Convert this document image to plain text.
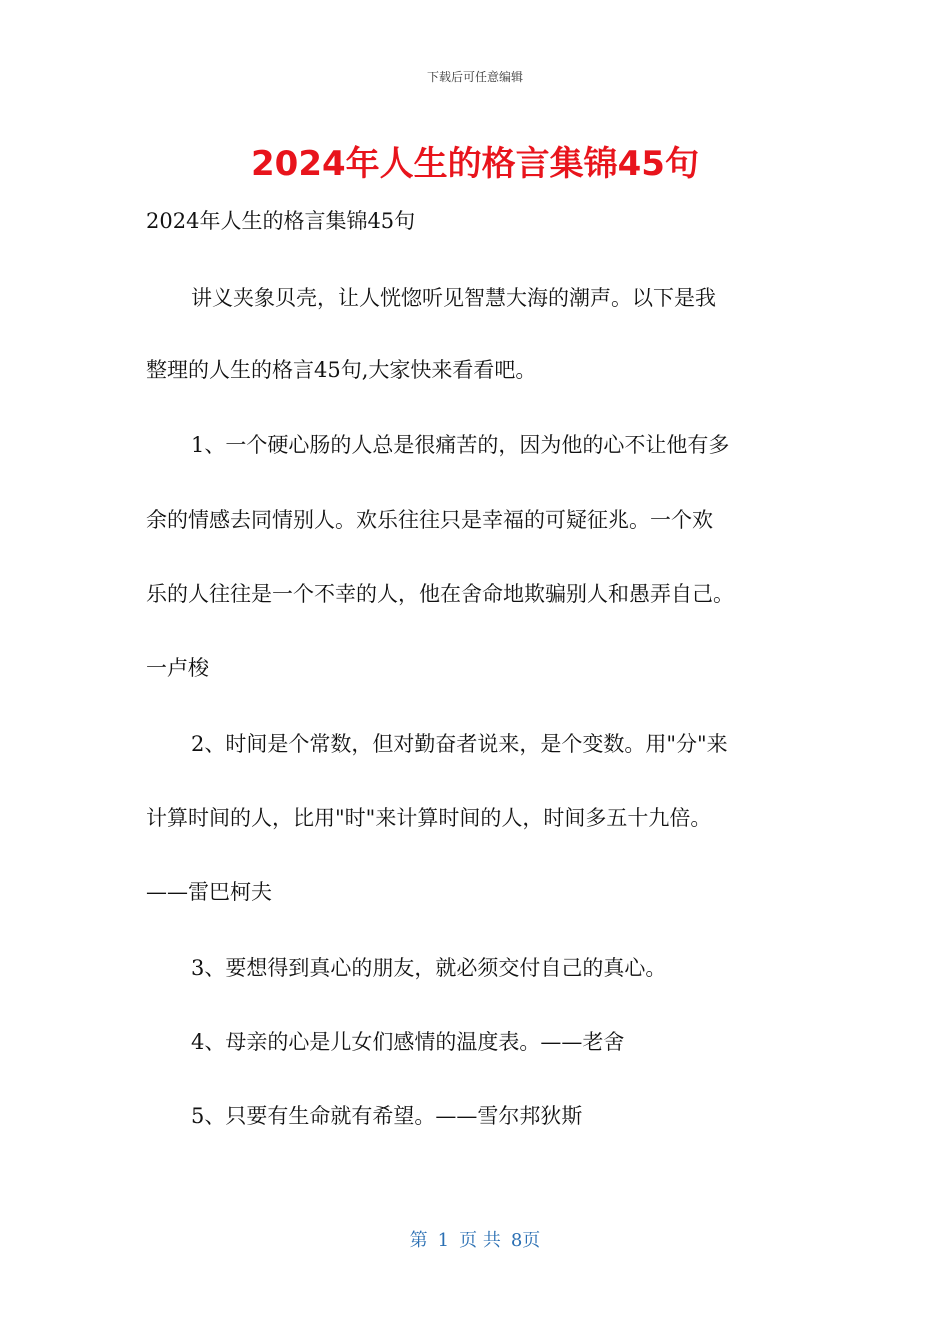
下载后可任意编辑
2024年人生的格言集锦45句

2024年人生的格言集锦45句

讲义夹象贝壳，让人恍惚听见智慧大海的潮声。以下是我

整理的人生的格言45句,大家快来看看吧。

1、一个硬心肠的人总是很痛苦的，因为他的心不让他有多

余的情感去同情别人。欢乐往往只是幸福的可疑征兆。一个欢

乐的人往往是一个不幸的人，他在舍命地欺骗别人和愚弄自己。

一卢梭

2、时间是个常数，但对勤奋者说来，是个变数。用"分"来

计算时间的人，比用"时"来计算时间的人，时间多五十九倍。

——雷巴柯夫

3、要想得到真心的朋友，就必须交付自己的真心。

4、母亲的心是儿女们感情的温度表。——老舍

5、只要有生命就有希望。——雪尔邦狄斯

第 1 页 共 8页
